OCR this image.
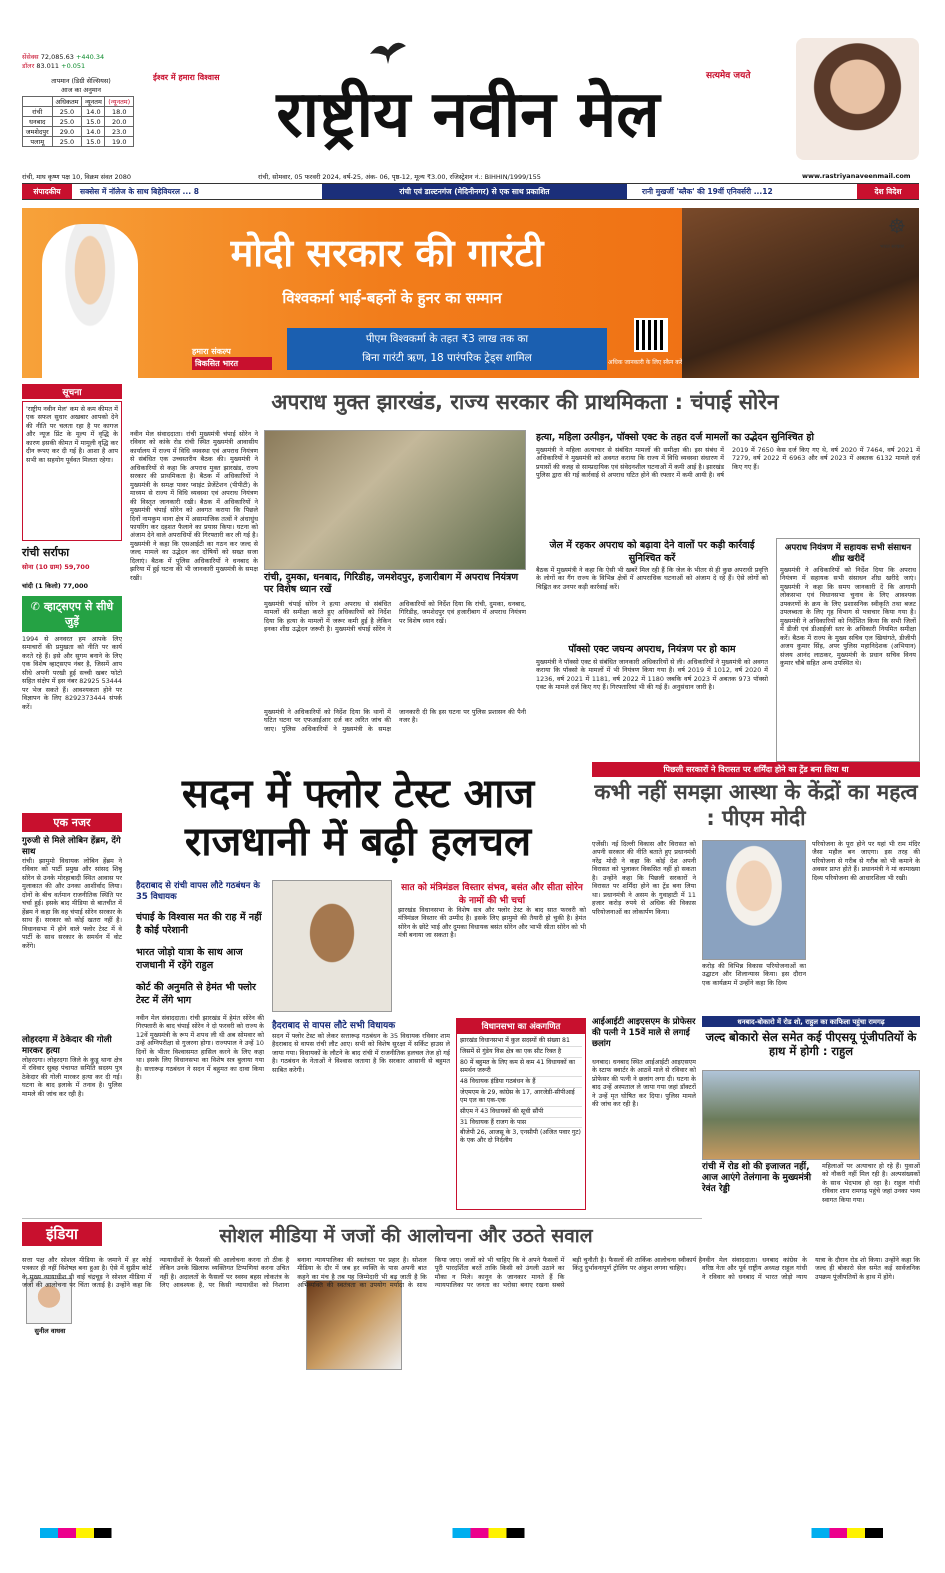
सेंसेक्स 72,085.63 +440.34
डॉलर 83.011 +0.051
तापमान (डिग्री सेल्सियस)
आज का अनुमान
	अधिकतम	न्यूनतम	(न्यूनतम)
रांची	25.0	14.0	18.0
धनबाद	25.0	15.0	20.0
जमशेदपुर	29.0	14.0	23.0
पलामू	25.0	15.0	19.0
ईश्वर में हमारा विश्वास राष्ट्रीय नवीन मेल
सत्यमेव जयते
रांची, माघ कृष्ण पक्ष 10, विक्रम संवत 2080	रांची, सोमवार, 05 फरवरी 2024, वर्ष-25, अंक- 06, पृष्ठ-12, मूल्य ₹3.00, रजिस्ट्रेशन नं.: BIHHIN/1999/155	www.rastriyanaveenmail.com
संपादकीय	सक्सेस में नॉलेज के साथ बिहेवियरल ... 8	रांची एवं डाल्टनगंज (मेदिनीनगर) से एक साथ प्रकाशित	रानी मुखर्जी 'ब्लैक' की 19वीं एनिवर्सरी ...12	देश विदेश
मोदी सरकार की गारंटी
विश्वकर्मा भाई-बहनों के हुनर का सम्मान
पीएम विश्वकर्मा के तहत ₹3 लाख तक का
बिना गारंटी ऋण, 18 पारंपरिक ट्रेड्स शामिल
हमारा संकल्प
विकसित भारत	अधिक जानकारी के लिए स्कैन करें
☸
भारत सरकार
सूचना
'राष्ट्रीय नवीन मेल' कम से कम कीमत में एक सफल सुधार अखबार आपको देने की नीति पर चलता रहा है पर कागज और न्यूज प्रिंट के मूल्य में वृद्धि के कारण इसकी कीमत में मामूली वृद्धि कर दीन रूपए कर दी गई है। आशा है आप सभी का सहयोग पूर्ववत मिलता रहेगा।
रांची सर्राफा
सोना (10 ग्राम) 59,700
चांदी (1 किलो) 77,000
✆ व्हाट्सएप से सीधे जुड़ें
1994 से अनवरत हम आपके लिए समाचारों की प्रमुखता को नीति पर कार्य करते रहे हैं। इसे और सुगम बनाने के लिए एक विशेष व्हाट्सएप नंबर है, जिसमें आप सीधे अपनी परखी हुई सच्ची खबर फोटो सहित संक्षेप में इस नंबर 82925 53444 पर भेज सकते हैं। आवश्यकता होने पर विज्ञापन के लिए 8292373444 संपर्क करें।
एक नजर
गुरुजी से मिले लोबिन हेंब्रम, देंगे साथ
रांची। झामुमो विधायक लोबिन हेंब्रम ने रविवार को पार्टी प्रमुख और सांसद शिबू सोरेन से उनके मोरहाबादी स्थित आवास पर मुलाकात की और उनका आशीर्वाद लिया। दोनों के बीच वर्तमान राजनीतिक स्थिति पर चर्चा हुई। इसके बाद मीडिया से बातचीत में हेंब्रम ने कहा कि वह चंपाई सोरेन सरकार के साथ हैं। सरकार को कोई खतरा नहीं है। विधानसभा में होने वाले फ्लोर टेस्ट में वे पार्टी के साथ सरकार के समर्थन में वोट करेंगे।
लोहरदगा में ठेकेदार की गोली मारकर हत्या
लोहरदगा। लोहरदगा जिले के कुडू थाना क्षेत्र में रविवार सुबह पंचायत समिति सदस्य पुत्र ठेकेदार की गोली मारकर हत्या कर दी गई। घटना के बाद इलाके में तनाव है। पुलिस मामले की जांच कर रही है।
अपराध मुक्त झारखंड, राज्य सरकार की प्राथमिकता : चंपाई सोरेन
नवीन मेल संवाददाता। रांची मुख्यमंत्री चंपाई सोरेन ने रविवार को कांके रोड रांची स्थित मुख्यमंत्री आवासीय कार्यालय में राज्य में विधि व्यवस्था एवं अपराध नियंत्रण से संबंधित एक उच्चस्तरीय बैठक की। मुख्यमंत्री ने अधिकारियों से कहा कि अपराध मुक्त झारखंड, राज्य सरकार की प्राथमिकता है। बैठक में अधिकारियों ने मुख्यमंत्री के समक्ष पावर प्वाइंट प्रेजेंटेशन (पीपीटी) के माध्यम से राज्य में विधि व्यवस्था एवं अपराध नियंत्रण की विस्तृत जानकारी रखी। बैठक में अधिकारियों ने मुख्यमंत्री चंपाई सोरेन को अवगत कराया कि पिछले दिनों नामकुम थाना क्षेत्र में असामाजिक तत्वों ने अंधाधुंध फायरिंग कर दहशत फैलाने का प्रयास किया। घटना को अंजाम देने वाले अपराधियों की गिरफ्तारी कर ली गई है। मुख्यमंत्री ने कहा कि एसआईटी का गठन कर जल्द से जल्द मामले का उद्भेदन कर दोषियों को सख्त सजा दिलाएं। बैठक में पुलिस अधिकारियों ने धनबाद के झरिया में हुई घटना की भी जानकारी मुख्यमंत्री के समक्ष रखी।	रांची, दुमका, धनबाद, गिरिडीह, जमशेदपुर, हजारीबाग में अपराध नियंत्रण पर विशेष ध्यान रखें
मुख्यमंत्री चंपाई सोरेन ने हत्या अपराध से संबंधित मामलों की समीक्षा करते हुए अधिकारियों को निर्देश दिया कि हत्या के मामलों में जरूर कमी हुई है लेकिन इनका शीघ्र उद्भेदन जरूरी है। मुख्यमंत्री चंपाई सोरेन ने अधिकारियों को निर्देश दिया कि रांची, दुमका, धनबाद, गिरिडीह, जमशेदपुर एवं हजारीबाग में अपराध नियंत्रण पर विशेष ध्यान रखें।
मुख्यमंत्री ने अधिकारियों को निर्देश दिया कि थानों में घटित घटना पर एफआईआर दर्ज कर त्वरित जांच की जाए। पुलिस अधिकारियों ने मुख्यमंत्री के समक्ष जानकारी दी कि इस घटना पर पुलिस प्रशासन की पैनी नजर है।
हत्या, महिला उत्पीड़न, पॉक्सो एक्ट के तहत दर्ज मामलों का उद्भेदन सुनिश्चित हो
मुख्यमंत्री ने महिला अत्याचार से संबंधित मामलों की समीक्षा की। इस संबंध में अधिकारियों ने मुख्यमंत्री को अवगत कराया कि राज्य में विधि व्यवस्था संधारण में प्रयासों की वजह से साम्प्रदायिक एवं संवेदनशील घटनाओं में कमी आई है। झारखंड पुलिस द्वारा की गई कार्रवाई से अपराध घटित होने की रफ्तार में कमी आयी है। वर्ष 2019 में 7650 केस दर्ज किए गए थे, वर्ष 2020 में 7464, वर्ष 2021 में 7279, वर्ष 2022 में 6963 और वर्ष 2023 में अबतक 6132 मामले दर्ज किए गए हैं।
जेल में रहकर अपराध को बढ़ावा देने वालों पर कड़ी कार्रवाई सुनिश्चित करें
बैठक में मुख्यमंत्री ने कहा कि ऐसी भी खबरें मिल रही हैं कि जेल के भीतर से ही कुछ अपराधी प्रवृत्ति के लोगों का गैंग राज्य के विभिन्न क्षेत्रों में आपराधिक घटनाओं को अंजाम दे रहे हैं। ऐसे लोगों को चिह्नित कर उनपर कड़ी कार्रवाई करें।
पॉक्सो एक्ट जघन्य अपराध, नियंत्रण पर हो काम
मुख्यमंत्री ने पॉक्सो एक्ट से संबंधित जानकारी अधिकारियों से ली। अधिकारियों ने मुख्यमंत्री को अवगत कराया कि पॉक्सो के मामलों में भी नियंत्रण किया गया है। वर्ष 2019 में 1012, वर्ष 2020 में 1236, वर्ष 2021 में 1181, वर्ष 2022 में 1180 जबकि वर्ष 2023 में अबतक 973 पॉक्सो एक्ट के मामले दर्ज किए गए हैं। गिरफ्तारियां भी की गई हैं। अनुसंधान जारी है।
अपराध नियंत्रण में सहायक सभी संसाधन शीघ्र खरीदें
मुख्यमंत्री ने अधिकारियों को निर्देश दिया कि अपराध नियंत्रण में सहायक सभी संसाधन शीघ्र खरीदे जाएं। मुख्यमंत्री ने कहा कि समय जानकारी दें कि आगामी लोकसभा एवं विधानसभा चुनाव के लिए आवश्यक उपकरणों के क्रय के लिए प्रशासनिक स्वीकृति तथा बजट उपलब्धता के लिए गृह विभाग से पत्राचार किया गया है। मुख्यमंत्री ने अधिकारियों को निर्देशित किया कि सभी जिलों में डीजी एवं डीआईजी स्तर के अधिकारी नियमित समीक्षा करें। बैठक में राज्य के मुख्य सचिव एल खियांगते, डीजीपी अजय कुमार सिंह, अपर पुलिस महानिदेशक (अभियान) संजय आनंद लाठकर, मुख्यमंत्री के प्रधान सचिव विनय कुमार चौबे सहित अन्य उपस्थित थे।
सदन में फ्लोर टेस्ट आज
राजधानी में बढ़ी हलचल
हैदराबाद से रांची वापस लौटे गठबंधन के 35 विधायक
चंपाई के विश्वास मत की राह में नहीं है कोई परेशानी
भारत जोड़ो यात्रा के साथ आज राजधानी में रहेंगे राहुल
कोर्ट की अनुमति से हेमंत भी फ्लोर टेस्ट में लेंगे भाग
नवीन मेल संवाददाता। रांची झारखंड में हेमंत सोरेन की गिरफ्तारी के बाद चंपाई सोरेन ने दो फरवरी को राज्य के 12वें मुख्यमंत्री के रूप में शपथ ली थी अब सोमवार को उन्हें अग्निपरीक्षा से गुजरना होगा। राज्यपाल ने उन्हें 10 दिनों के भीतर विश्वासमत हासिल करने के लिए कहा था। इसके लिए विधानसभा का विशेष सत्र बुलाया गया है। सत्तारूढ़ गठबंधन ने सदन में बहुमत का दावा किया है।
सात को मंत्रिमंडल विस्तार संभव, बसंत और सीता सोरेन के नामों की भी चर्चा
झारखंड विधानसभा के विशेष सत्र और फ्लोर टेस्ट के बाद सात फरवरी को मंत्रिमंडल विस्तार की उम्मीद है। इसके लिए झामुमो की तैयारी हो चुकी है। हेमंत सोरेन के छोटे भाई और दुमका विधायक बसंत सोरेन और भाभी सीता सोरेन को भी मंत्री बनाया जा सकता है।
हैदराबाद से वापस लौटे सभी विधायक
सदन में फ्लोर टेस्ट को लेकर सत्तारूढ़ गठबंधन के 35 विधायक रविवार शाम हैदराबाद से वापस रांची लौट आए। सभी को विशेष सुरक्षा में सर्किट हाउस ले जाया गया। विधायकों के लौटने के बाद रांची में राजनीतिक हलचल तेज हो गई है। गठबंधन के नेताओं ने विश्वास जताया है कि सरकार आसानी से बहुमत साबित करेगी।
विधानसभा का अंकगणित
झारखंड विधानसभा में कुल सदस्यों की संख्या 81
जिसमें से गुंडेय विस क्षेत्र का एक सीट रिक्त है
80 में बहुमत के लिए कम से कम 41 विधायकों का समर्थन जरूरी
48 विधायक इंडिया गठबंधन के हैं
जेएमएम के 29, कांग्रेस के 17, आरजेडी-सीपीआई एम एल का एक-एक
सीएम ने 43 विधायकों की सूची सौंपी
31 विधायक हैं राजग के पास
बीजेपी 26, आजसू के 3, एनसीपी (अजित पवार गुट) के एक और दो निर्दलीय
पिछली सरकारों ने विरासत पर शर्मिंदा होने का ट्रेंड बना लिया था
कभी नहीं समझा आस्था के केंद्रों का महत्व : पीएम मोदी
एजेंसी। नई दिल्ली विकास और विरासत को अपनी सरकार की नीति बताते हुए प्रधानमंत्री नरेंद्र मोदी ने कहा कि कोई देश अपनी विरासत को भुलाकर विकसित नहीं हो सकता है। उन्होंने कहा कि पिछली सरकारों ने विरासत पर शर्मिंदा होने का ट्रेंड बना लिया था। प्रधानमंत्री ने असम के गुवाहाटी में 11 हजार करोड़ रुपये से अधिक की विकास परियोजनाओं का लोकार्पण किया।
करोड़ की विभिन्न विकास परियोजनाओं का उद्घाटन और शिलान्यास किया। इस दौरान एक कार्यक्रम में उन्होंने कहा कि दिव्य
परियोजना के पूरा होने पर यहां भी राम मंदिर जैसा महौल बन जाएगा। इस तरह की परियोजना से गरीब से गरीब को भी कमाने के अवसर प्राप्त होते हैं। प्रधानमंत्री ने मां कामाख्या दिव्य परियोजना की आधारशिला भी रखी।
आईआईटी आइएसएम के प्रोफेसर की पत्नी ने 15वें माले से लगाई छलांग
धनबाद। धनबाद स्थित आईआईटी आइएसएम के स्टाफ क्वार्टर के आठवें माले से रविवार को प्रोफेसर की पत्नी ने छलांग लगा दी। घटना के बाद उन्हें अस्पताल ले जाया गया जहां डॉक्टरों ने उन्हें मृत घोषित कर दिया। पुलिस मामले की जांच कर रही है।
धनबाद-बोकारो में रोड शो, राहुल का काफिला पहुंचा रामगढ़
जल्द बोकारो सेल समेत कई पीएसयू पूंजीपतियों के हाथ में होगी : राहुल
रांची में रोड शो की इजाजत नहीं, आज आएंगे तेलंगाना के मुख्यमंत्री रेवंत रेड्डी
महिलाओं पर अत्याचार हो रहे हैं। युवाओं को नौकरी नहीं मिल रही है। अल्पसंख्यकों के साथ भेदभाव हो रहा है। राहुल गांधी रविवार शाम रामगढ़ पहुंचे जहां उनका भव्य स्वागत किया गया।
इंडिया	सोशल मीडिया में जजों की आलोचना और उठते सवाल
सुनील वाधवा
सत्ता पक्ष और सोशल मीडिया के जमाने में हर कोई पत्रकार ही नहीं विशेषज्ञ बना हुआ है। ऐसे में सुप्रीम कोर्ट के मुख्य न्यायाधीश डी वाई चंद्रचूड़ ने सोशल मीडिया में जजों की आलोचना पर चिंता जताई है। उन्होंने कहा कि न्यायाधीशों के फैसलों की आलोचना करना तो ठीक है लेकिन उनके खिलाफ व्यक्तिगत टिप्पणियां करना उचित नहीं है। अदालतों के फैसलों पर स्वस्थ बहस लोकतंत्र के लिए आवश्यक है, पर किसी न्यायाधीश को निशाना बनाना न्यायपालिका की स्वतंत्रता पर प्रहार है। सोशल मीडिया के दौर में जब हर व्यक्ति के पास अपनी बात कहने का मंच है तब यह जिम्मेदारी भी बढ़ जाती है कि अभिव्यक्ति की स्वतंत्रता का उपयोग मर्यादा के साथ किया जाए। जजों को भी चाहिए कि वे अपने फैसलों में पूरी पारदर्शिता बरतें ताकि किसी को उंगली उठाने का मौका न मिले। कानून के जानकार मानते हैं कि न्यायपालिका पर जनता का भरोसा बनाए रखना सबसे बड़ी चुनौती है। फैसलों की तार्किक आलोचना स्वीकार्य है किंतु दुर्भावनापूर्ण ट्रोलिंग पर अंकुश लगना चाहिए।
नवीन मेल संवाददाता। धनबाद कांग्रेस के वरिष्ठ नेता और पूर्व राष्ट्रीय अध्यक्ष राहुल गांधी ने रविवार को धनबाद में भारत जोड़ो न्याय यात्रा के दौरान रोड शो किया। उन्होंने कहा कि जल्द ही बोकारो सेल समेत कई सार्वजनिक उपक्रम पूंजीपतियों के हाथ में होंगे।
